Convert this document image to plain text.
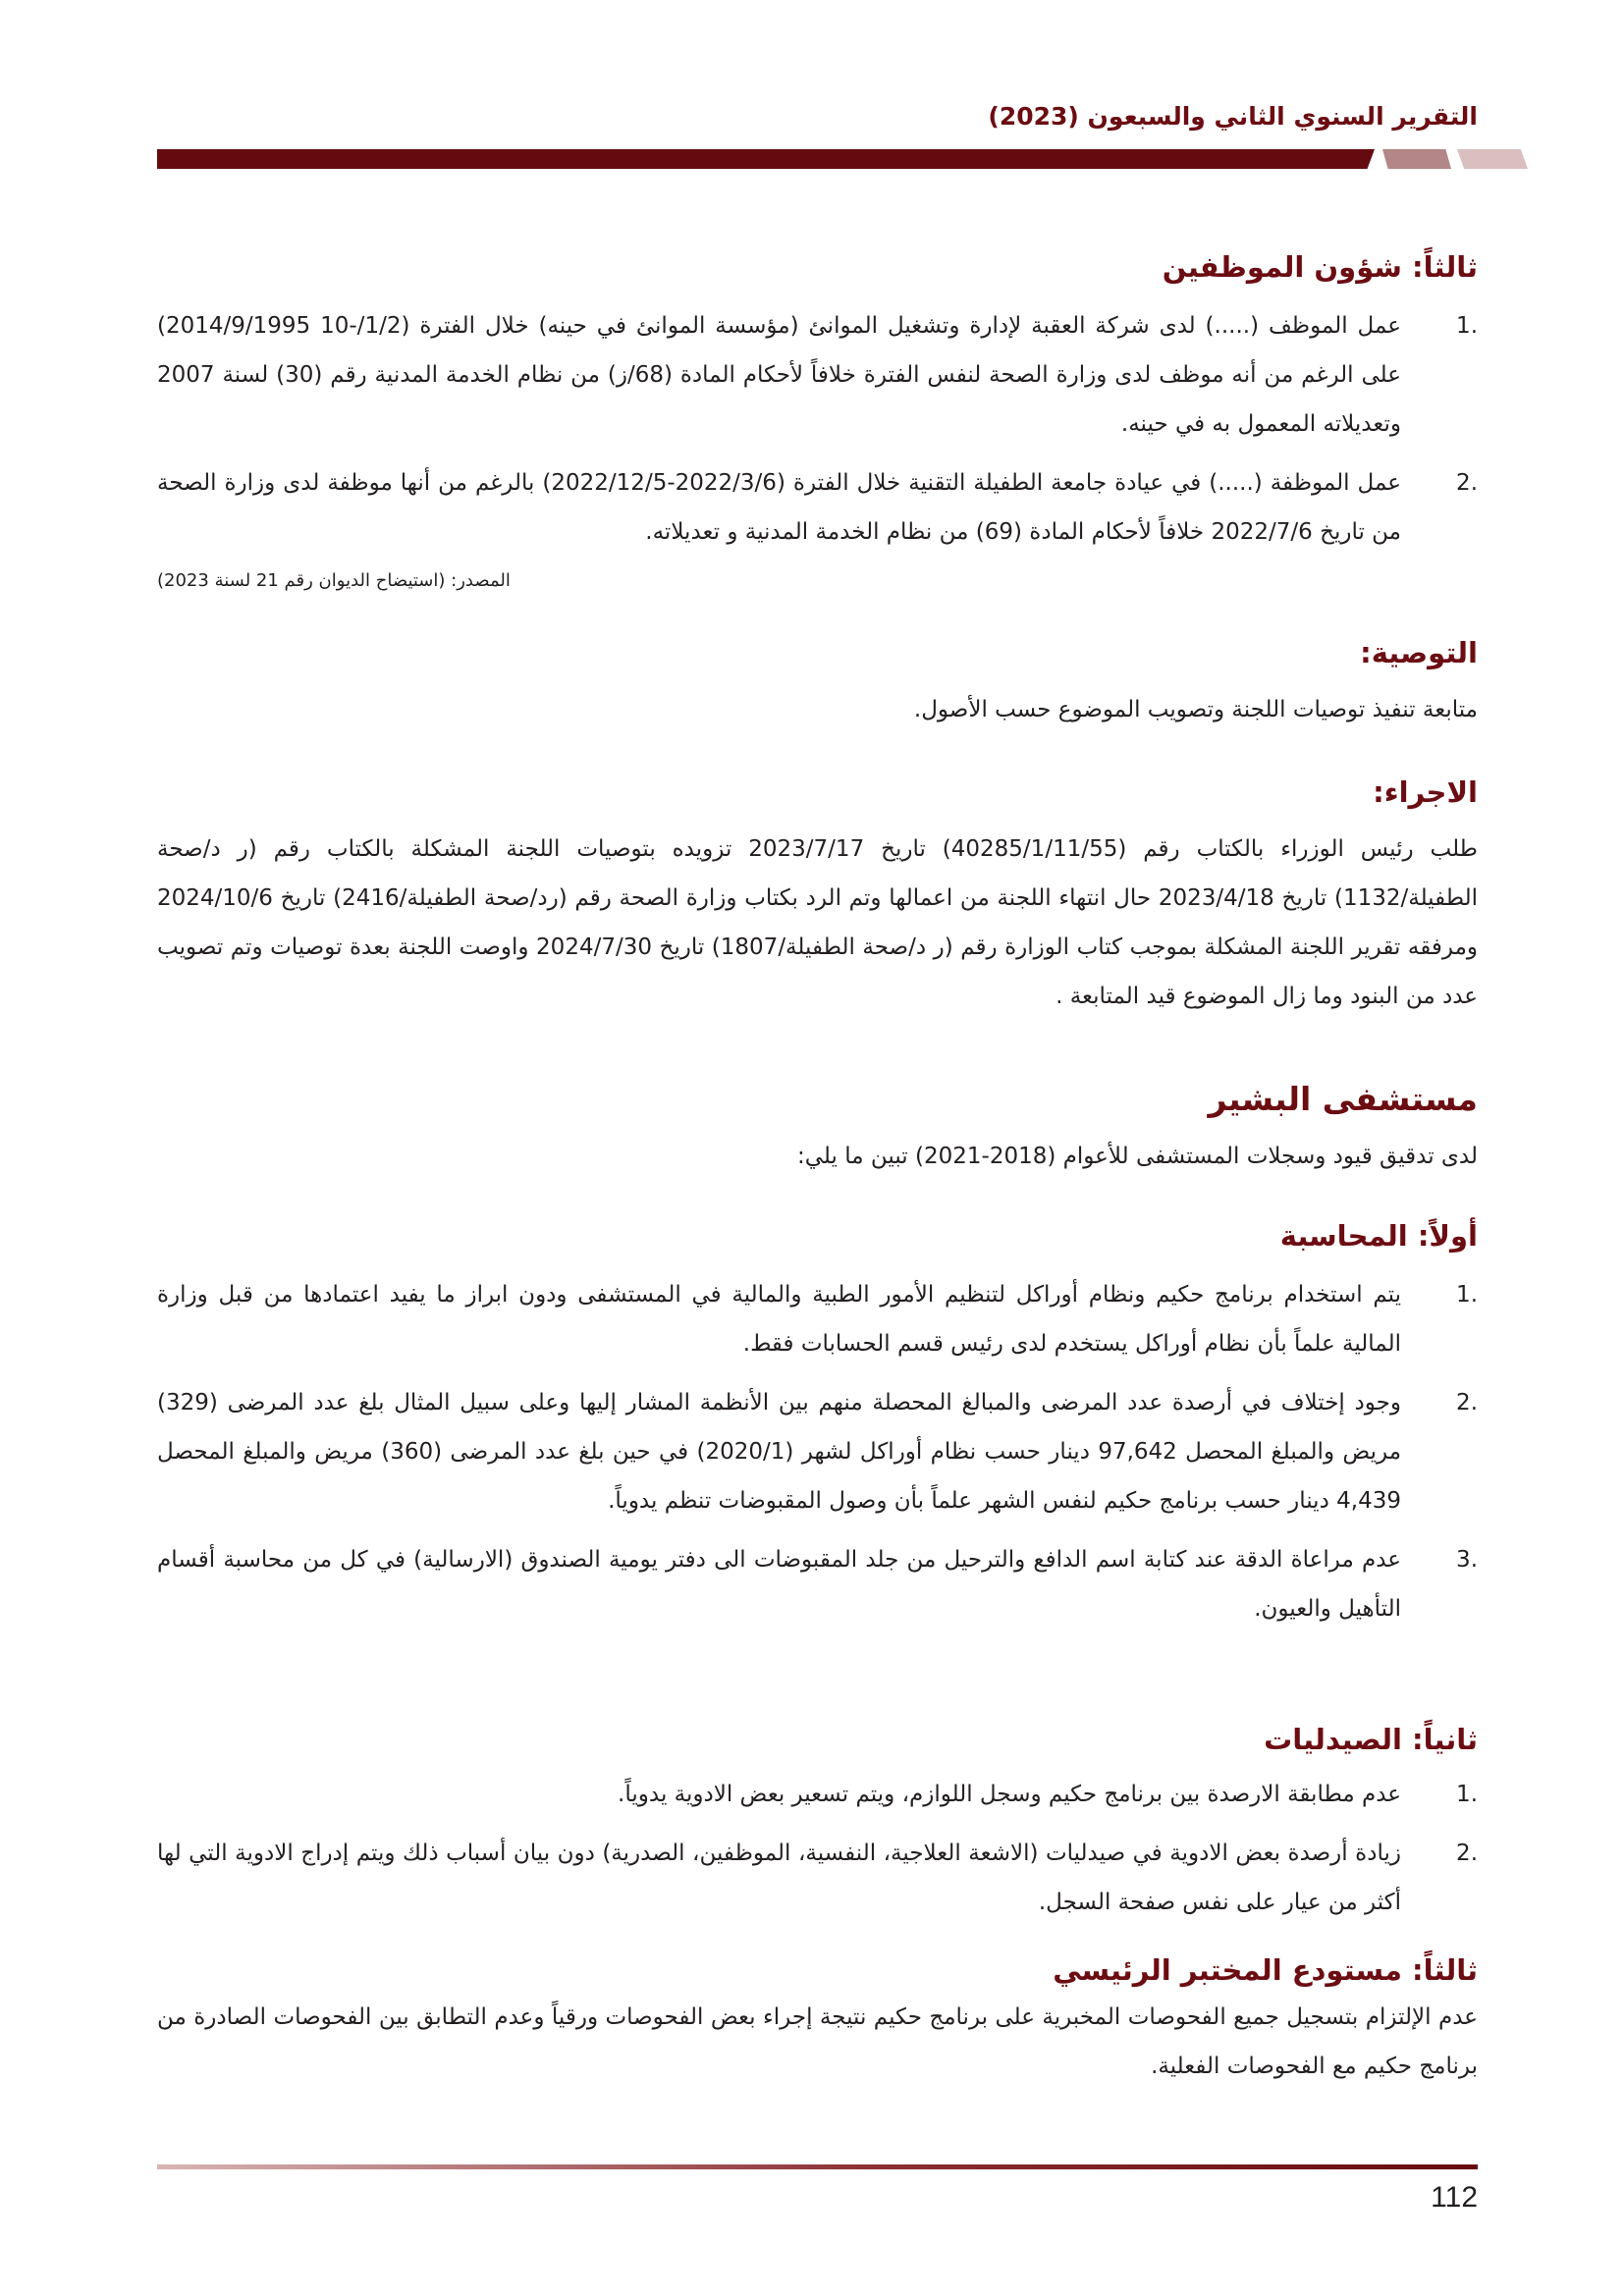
التقرير السنوي الثاني والسبعون (2023)
ثالثاً: شؤون الموظفين
.1
عمل الموظف (.....) لدى شركة العقبة لإدارة وتشغيل الموانئ (مؤسسة الموانئ في حينه) خلال الفترة (1/2/-10 2014/9/1995) على الرغم من أنه موظف لدى وزارة الصحة لنفس الفترة خلافاً لأحكام المادة (68/ز) من نظام الخدمة المدنية رقم (30) لسنة 2007 وتعديلاته المعمول به في حينه.
.2
عمل الموظفة (.....) في عيادة جامعة الطفيلة التقنية خلال الفترة (2022/3/6-2022/12/5) بالرغم من أنها موظفة لدى وزارة الصحة من تاريخ 2022/7/6 خلافاً لأحكام المادة (69) من نظام الخدمة المدنية و تعديلاته.

المصدر: (استيضاح الديوان رقم 21 لسنة 2023)

التوصية:

متابعة تنفيذ توصيات اللجنة وتصويب الموضوع حسب الأصول.

الاجراء:

طلب رئيس الوزراء بالكتاب رقم (40285/1/11/55) تاريخ 2023/7/17 تزويده بتوصيات اللجنة المشكلة بالكتاب رقم (ر د/صحة الطفيلة/1132) تاريخ 2023/4/18 حال انتهاء اللجنة من اعمالها وتم الرد بكتاب وزارة الصحة رقم (رد/صحة الطفيلة/2416) تاريخ 2024/10/6 ومرفقه تقرير اللجنة المشكلة بموجب كتاب الوزارة رقم (ر د/صحة الطفيلة/1807) تاريخ 2024/7/30 واوصت اللجنة بعدة توصيات وتم تصويب عدد من البنود وما زال الموضوع قيد المتابعة .

مستشفى البشير

لدى تدقيق قيود وسجلات المستشفى للأعوام (2018-2021) تبين ما يلي:

أولاً: المحاسبة
.1
يتم استخدام برنامج حكيم ونظام أوراكل لتنظيم الأمور الطبية والمالية في المستشفى ودون ابراز ما يفيد اعتمادها من قبل وزارة المالية علماً بأن نظام أوراكل يستخدم لدى رئيس قسم الحسابات فقط.
.2
وجود إختلاف في أرصدة عدد المرضى والمبالغ المحصلة منهم بين الأنظمة المشار إليها وعلى سبيل المثال بلغ عدد المرضى (329) مريض والمبلغ المحصل 97,642 دينار حسب نظام أوراكل لشهر (2020/1) في حين بلغ عدد المرضى (360) مريض والمبلغ المحصل 4,439 دينار حسب برنامج حكيم لنفس الشهر علماً بأن وصول المقبوضات تنظم يدوياً.
.3
عدم مراعاة الدقة عند كتابة اسم الدافع والترحيل من جلد المقبوضات الى دفتر يومية الصندوق (الارسالية) في كل من محاسبة أقسام التأهيل والعيون.
ثانياً: الصيدليات
.1
عدم مطابقة الارصدة بين برنامج حكيم وسجل اللوازم، ويتم تسعير بعض الادوية يدوياً.
.2
زيادة أرصدة بعض الادوية في صيدليات (الاشعة العلاجية، النفسية، الموظفين، الصدرية) دون بيان أسباب ذلك ويتم إدراج الادوية التي لها أكثر من عيار على نفس صفحة السجل.
ثالثاً: مستودع المختبر الرئيسي

عدم الإلتزام بتسجيل جميع الفحوصات المخبرية على برنامج حكيم نتيجة إجراء بعض الفحوصات ورقياً وعدم التطابق بين الفحوصات الصادرة من برنامج حكيم مع الفحوصات الفعلية.

112
